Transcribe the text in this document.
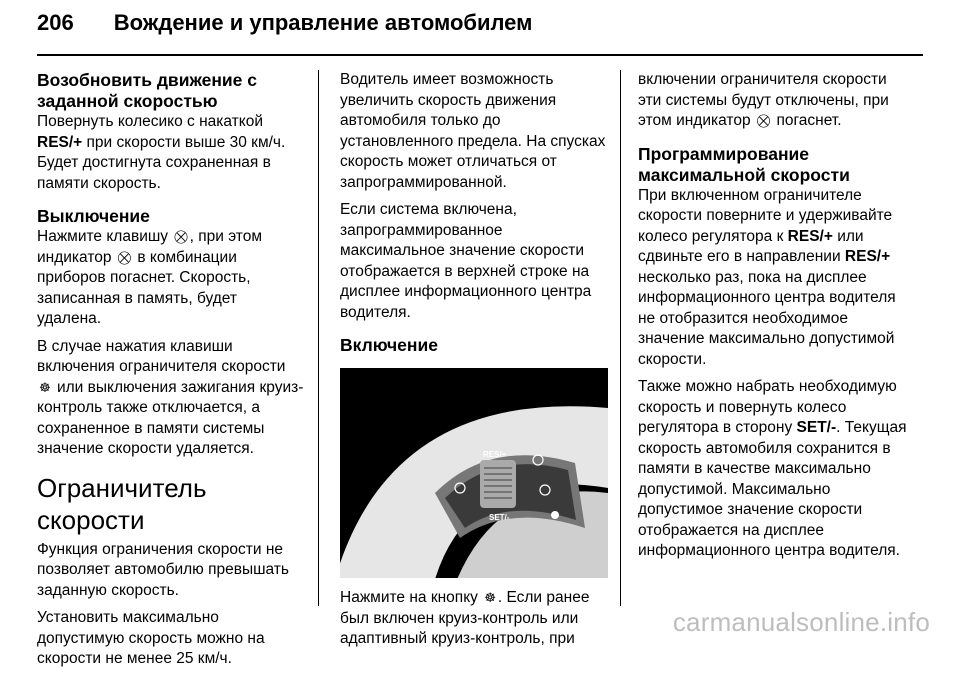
206 Вождение и управление автомобилем
Возобновить движение с заданной скоростью

Повернуть колесико с накаткой RES/+ при скорости выше 30 км/ч. Будет достигнута сохраненная в памяти скорость.

Выключение

Нажмите клавишу ⛒ , при этом индикатор ⛒ в комбинации приборов погаснет. Скорость, записанная в память, будет удалена.

В случае нажатия клавиши включения ограничителя скорости ☸ или выключения зажигания круиз-контроль также отключается, а сохраненное в памяти системы значение скорости удаляется.

Ограничитель скорости

Функция ограничения скорости не позволяет автомобилю превышать заданную скорость.

Установить максимально допустимую скорость можно на скорости не менее 25 км/ч.

Водитель имеет возможность увеличить скорость движения автомобиля только до установленного предела. На спусках скорость может отличаться от запрограммированной.

Если система включена, запрограммированное максимальное значение скорости отображается в верхней строке на дисплее информационного центра водителя.

Включение
RES/+
SET/-

Нажмите на кнопку ☸ . Если ранее был включен круиз-контроль или адаптивный круиз-контроль, при

включении ограничителя скорости эти системы будут отключены, при этом индикатор ⛒ погаснет.

Программирование максимальной скорости

При включенном ограничителе скорости поверните и удерживайте колесо регулятора к RES/+ или сдвиньте его в направлении RES/+ несколько раз, пока на дисплее информационного центра водителя не отобразится необходимое значение максимально допустимой скорости.

Также можно набрать необходимую скорость и повернуть колесо регулятора в сторону SET/-. Текущая скорость автомобиля сохранится в памяти в качестве максимально допустимой. Максимально допустимое значение скорости отображается на дисплее информационного центра водителя.

carmanualsonline.info
